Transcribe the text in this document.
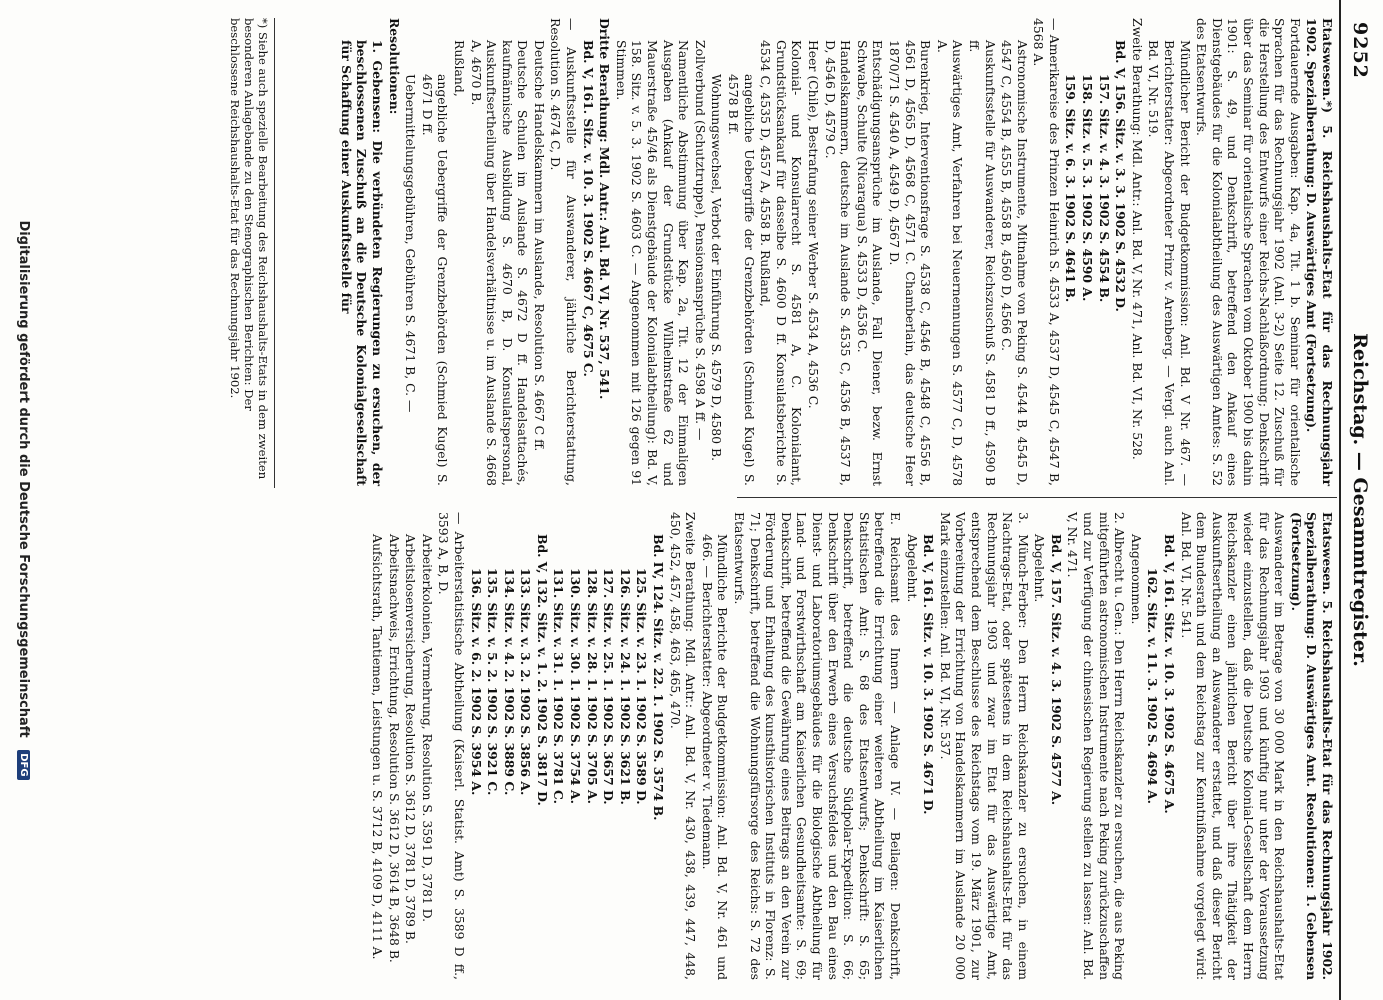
9252
Reichstag. — Gesammtregister.

Etatswesen.*) 5. Reichshaushalts-Etat für das Rechnungsjahr 1902. Spezialberathung: D. Auswärtiges Amt (Fortsetzung).

Fortdauernde Ausgaben: Kap. 4a, Tit. 1 b. Seminar für orientalische Sprachen für das Rechnungsjahr 1902 (Anl. 3-2) Seite 12. Zuschuß für die Herstellung des Entwurfs einer Reichs-Nachlaßordnung; Denkschrift über das Seminar für orientalische Sprachen vom Oktober 1900 bis dahin 1901: S. 49, und Denkschrift, betreffend den Ankauf eines Dienstgebäudes für die Kolonialabtheilung des Auswärtigen Amtes: S. 52 des Etatsentwurfs.

Mündlicher Bericht der Budgetkommission: Anl. Bd. V Nr. 467. — Berichterstatter: Abgeordneter Prinz v. Arenberg. — Vergl. auch Anl. Bd. VI, Nr. 519.

Zweite Berathung: Mdl. Antr.: Anl. Bd. V, Nr. 471, Anl. Bd. VI, Nr. 528.

Bd. V, 156. Sitz. v. 3. 3. 1902 S. 4532 D.

157. Sitz. v. 4. 3. 1902 S. 4554 B.

158. Sitz. v. 5. 3. 1902 S. 4590 A.

159. Sitz. v. 6. 3. 1902 S. 4641 B.

— Amerikareise des Prinzen Heinrich S. 4533 A, 4537 D, 4545 C, 4547 B, 4568 A.

Astronomische Instrumente, Mitnahme von Peking S. 4544 B, 4545 D, 4547 C, 4554 B, 4555 B, 4558 B, 4560 D, 4566 C.

Auskunftsstelle für Auswanderer, Reichszuschuß S. 4581 D ff., 4590 B ff.

Auswärtiges Amt, Verfahren bei Neuernennungen S. 4577 C, D, 4578 A.

Burenkrieg, Interventionsfrage S. 4538 C, 4546 B, 4548 C, 4556 B, 4561 D, 4565 D, 4568 C, 4571 C. Chamberlain, das deutsche Heer 1870/71 S. 4540 A, 4549 D, 4567 D.

Entschädigungsansprüche im Auslande, Fall Diener, bezw. Ernst Schwabe, Schulte (Nicaragua) S. 4533 D, 4536 C.

Handelskammern, deutsche im Auslande S. 4535 C, 4536 B, 4537 B, D, 4546 D, 4579 C.

Heer (Chile), Bestrafung seiner Werber S. 4534 A, 4536 C.

Kolonial- und Konsularrecht S. 4581 A, C. Kolonialamt, Grundstücksankauf für dasselbe S. 4600 D ff. Konsulatsberichte S. 4534 C, 4535 D, 4557 A, 4558 B. Rußland,

angebliche Uebergriffe der Grenzbehörden (Schmied Kugel) S. 4578 B ff.

Wohnungswechsel, Verbot der Einführung S. 4579 D, 4580 B.

Zollverbund (Schutztruppe), Pensionsansprüche S. 4598 A ff. —

Namentliche Abstimmung über Kap. 2a, Tit. 12 der Einmaligen Ausgaben (Ankauf der Grundstücke Wilhelmstraße 62 und Mauerstraße 45/46 als Dienstgebäude der Kolonialabtheilung): Bd. V, 158. Sitz. v. 5. 3. 1902 S. 4603 C. — Angenommen mit 126 gegen 91 Stimmen.

Dritte Berathung: Mdl. Antr.: Anl. Bd. VI, Nr. 537, 541.

Bd. V, 161. Sitz. v. 10. 3. 1902 S. 4667 C, 4675 C.

— Auskunftsstelle für Auswanderer, jährliche Berichterstattung, Resolution S. 4674 C, D.

Deutsche Handelskammern im Auslande, Resolution S. 4667 C ff.

Deutsche Schulen im Auslande S. 4672 D ff. Handelsattachés, kaufmännische Ausbildung S. 4670 B, D. Konsulatspersonal, Auskunftsertheilung über Handelsverhältnisse u. im Auslande S. 4668 A, 4670 B.

Rußland,

angebliche Uebergriffe der Grenzbehörden (Schmied Kugel) S. 4671 D ff.

Uebermittelungsgebühren, Gebühren S. 4671 B, C. —

Resolutionen:

1. Gebensen: Die verbündeten Regierungen zu ersuchen, der beschlossenen Zuschuß an die Deutsche Kolonialgesellschaft für Schaffung einer Auskunftsstelle für

Etatswesen. 5. Reichshaushalts-Etat für das Rechnungsjahr 1902. Spezialberathung: D. Auswärtiges Amt. Resolutionen: 1. Gebensen (Fortsetzung).

Auswanderer im Betrage von 30 000 Mark in den Reichshaushalts-Etat für das Rechnungsjahr 1903 und künftig nur unter der Voraussetzung wieder einzustellen, daß die Deutsche Kolonial-Gesellschaft dem Herrn Reichskanzler einen jährlichen Bericht über ihre Thätigkeit der Auskunftsertheilung an Auswanderer erstattet, und daß dieser Bericht dem Bundesrath und dem Reichstag zur Kenntnißnahme vorgelegt wird: Anl. Bd. VI, Nr. 541.

Bd. V, 161. Sitz. v. 10. 3. 1902 S. 4675 A.

162. Sitz. v. 11. 3. 1902 S. 4694 A.

Angenommen.

2. Albrecht u. Gen.: Den Herrn Reichskanzler zu ersuchen, die aus Peking mitgeführten astronomischen Instrumente nach Peking zurückzuschaffen und zur Verfügung der chinesischen Regierung stellen zu lassen: Anl. Bd. V, Nr. 471.

Bd. V, 157. Sitz. v. 4. 3. 1902 S. 4577 A.

Abgelehnt.

3. Münch-Ferber: Den Herrn Reichskanzler zu ersuchen, in einem Nachtrags-Etat, oder spätestens in dem Reichshaushalts-Etat für das Rechnungsjahr 1903 und zwar im Etat für das Auswärtige Amt, entsprechend dem Beschlusse des Reichstags vom 19. März 1901, zur Vorbereitung der Errichtung von Handelskammern im Auslande 20 000 Mark einzustellen: Anl. Bd. VI, Nr. 537.

Bd. V, 161. Sitz. v. 10. 3. 1902 S. 4671 D.

Abgelehnt.

E. Reichsamt des Innern — Anlage IV. — Beilagen: Denkschrift, betreffend die Errichtung einer weiteren Abtheilung im Kaiserlichen Statistischen Amt: S. 68 des Etatsentwurfs; Denkschrift: S. 65; Denkschrift, betreffend die deutsche Südpolar-Expedition: S. 66; Denkschrift über den Erwerb eines Versuchsfeldes und den Bau eines Dienst- und Laboratoriumsgebäudes für die Biologische Abtheilung für Land- und Forstwirthschaft am Kaiserlichen Gesundheitsamte: S. 69; Denkschrift, betreffend die Gewährung eines Beitrags an den Verein zur Förderung und Erhaltung des kunsthistorischen Instituts in Florenz: S. 71; Denkschrift, betreffend die Wohnungsfürsorge des Reichs: S. 72 des Etatsentwurfs.

Mündliche Berichte der Budgetkommission: Anl. Bd. V, Nr. 461 und 466. — Berichterstatter: Abgeordneter v. Tiedemann.

Zweite Berathung: Mdl. Antr.: Anl. Bd. V, Nr. 430, 438, 439, 447, 448, 450, 452, 457, 458, 463, 465, 470.

Bd. IV, 124. Sitz. v. 22. 1. 1902 S. 3574 B.

125. Sitz. v. 23. 1. 1902 S. 3589 D.

126. Sitz. v. 24. 1. 1902 S. 3621 B.

127. Sitz. v. 25. 1. 1902 S. 3657 D.

128. Sitz. v. 28. 1. 1902 S. 3705 A.

130. Sitz. v. 30. 1. 1902 S. 3754 A.

131. Sitz. v. 31. 1. 1902 S. 3781 C.

Bd. V, 132. Sitz. v. 1. 2. 1902 S. 3817 D.

133. Sitz. v. 3. 2. 1902 S. 3856 A.

134. Sitz. v. 4. 2. 1902 S. 3889 C.

135. Sitz. v. 5. 2. 1902 S. 3921 C.

136. Sitz. v. 6. 2. 1902 S. 3954 A.

— Arbeiterstatistische Abtheilung (Kaiserl. Statist. Amt) S. 3589 D ff., 3593 A, B, D.

Arbeiterkolonien, Vermehrung, Resolution S. 3591 D, 3781 D.

Arbeitslosenversicherung, Resolution S. 3612 D, 3781 D, 3789 B.

Arbeitsnachweis, Errichtung, Resolution S. 3612 D, 3614 B, 3648 B.

Aufsichtsrath, Tantiemen, Leistungen u. S. 3712 B, 4109 D, 4111 A.

*) Siehe auch spezielle Bearbeitung des Reichshaushalts-Etats in dem zweiten besonderen Anlagebande zu den Stenographischen Berichten: Der beschlossene Reichshaushalts-Etat für das Rechnungsjahr 1902.
Digitalisierung gefördert durch die Deutsche Forschungsgemeinschaft DFG
